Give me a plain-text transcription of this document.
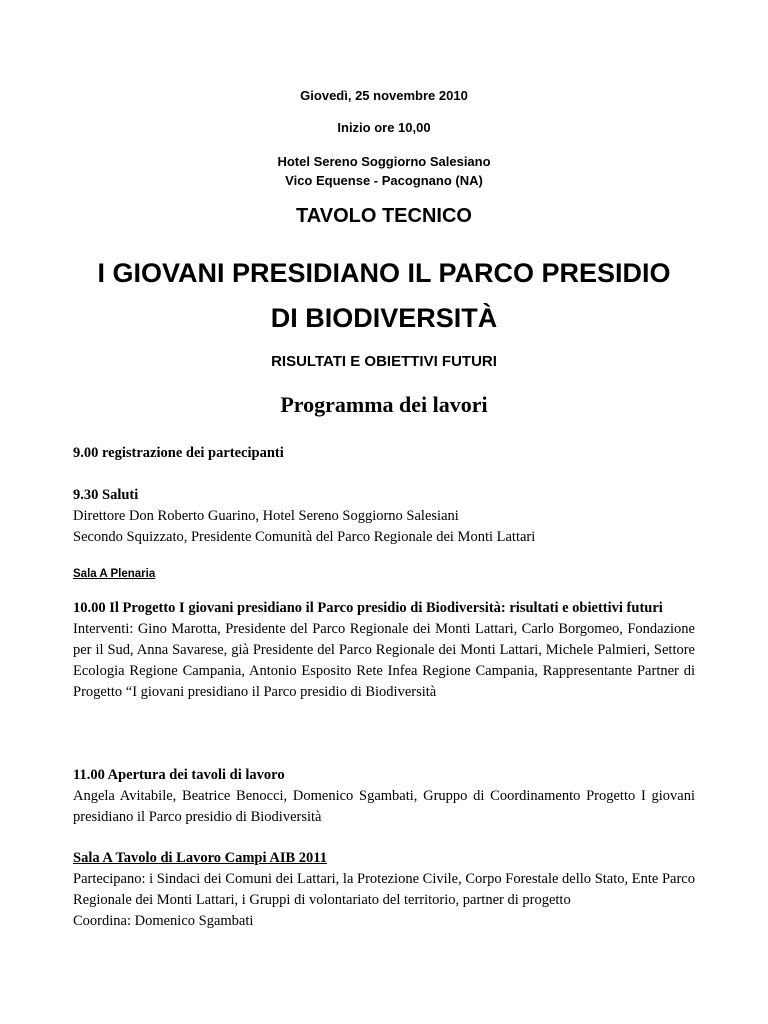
Giovedì, 25 novembre 2010
Inizio ore 10,00
Hotel Sereno Soggiorno Salesiano
Vico Equense - Pacognano (NA)
TAVOLO TECNICO
I GIOVANI PRESIDIANO IL PARCO PRESIDIO
DI BIODIVERSITÀ
RISULTATI E OBIETTIVI FUTURI
Programma dei lavori
9.00 registrazione dei partecipanti
9.30 Saluti
Direttore Don Roberto Guarino, Hotel Sereno Soggiorno Salesiani
Secondo Squizzato, Presidente Comunità del Parco Regionale dei Monti Lattari
Sala A Plenaria
10.00 Il Progetto I giovani presidiano il Parco presidio di Biodiversità: risultati e obiettivi futuri
Interventi: Gino Marotta, Presidente del Parco Regionale dei Monti Lattari, Carlo Borgomeo, Fondazione per il Sud, Anna Savarese, già Presidente del Parco Regionale dei Monti Lattari, Michele Palmieri, Settore Ecologia Regione Campania, Antonio Esposito Rete Infea Regione Campania, Rappresentante Partner di Progetto “I giovani presidiano il Parco presidio di Biodiversità
11.00 Apertura dei tavoli di lavoro
Angela Avitabile, Beatrice Benocci, Domenico Sgambati, Gruppo di Coordinamento Progetto I giovani presidiano il Parco presidio di Biodiversità
Sala A Tavolo di Lavoro Campi AIB 2011
Partecipano: i Sindaci dei Comuni dei Lattari, la Protezione Civile, Corpo Forestale dello Stato, Ente Parco Regionale dei Monti Lattari, i Gruppi di volontariato del territorio, partner di progetto
Coordina: Domenico Sgambati
